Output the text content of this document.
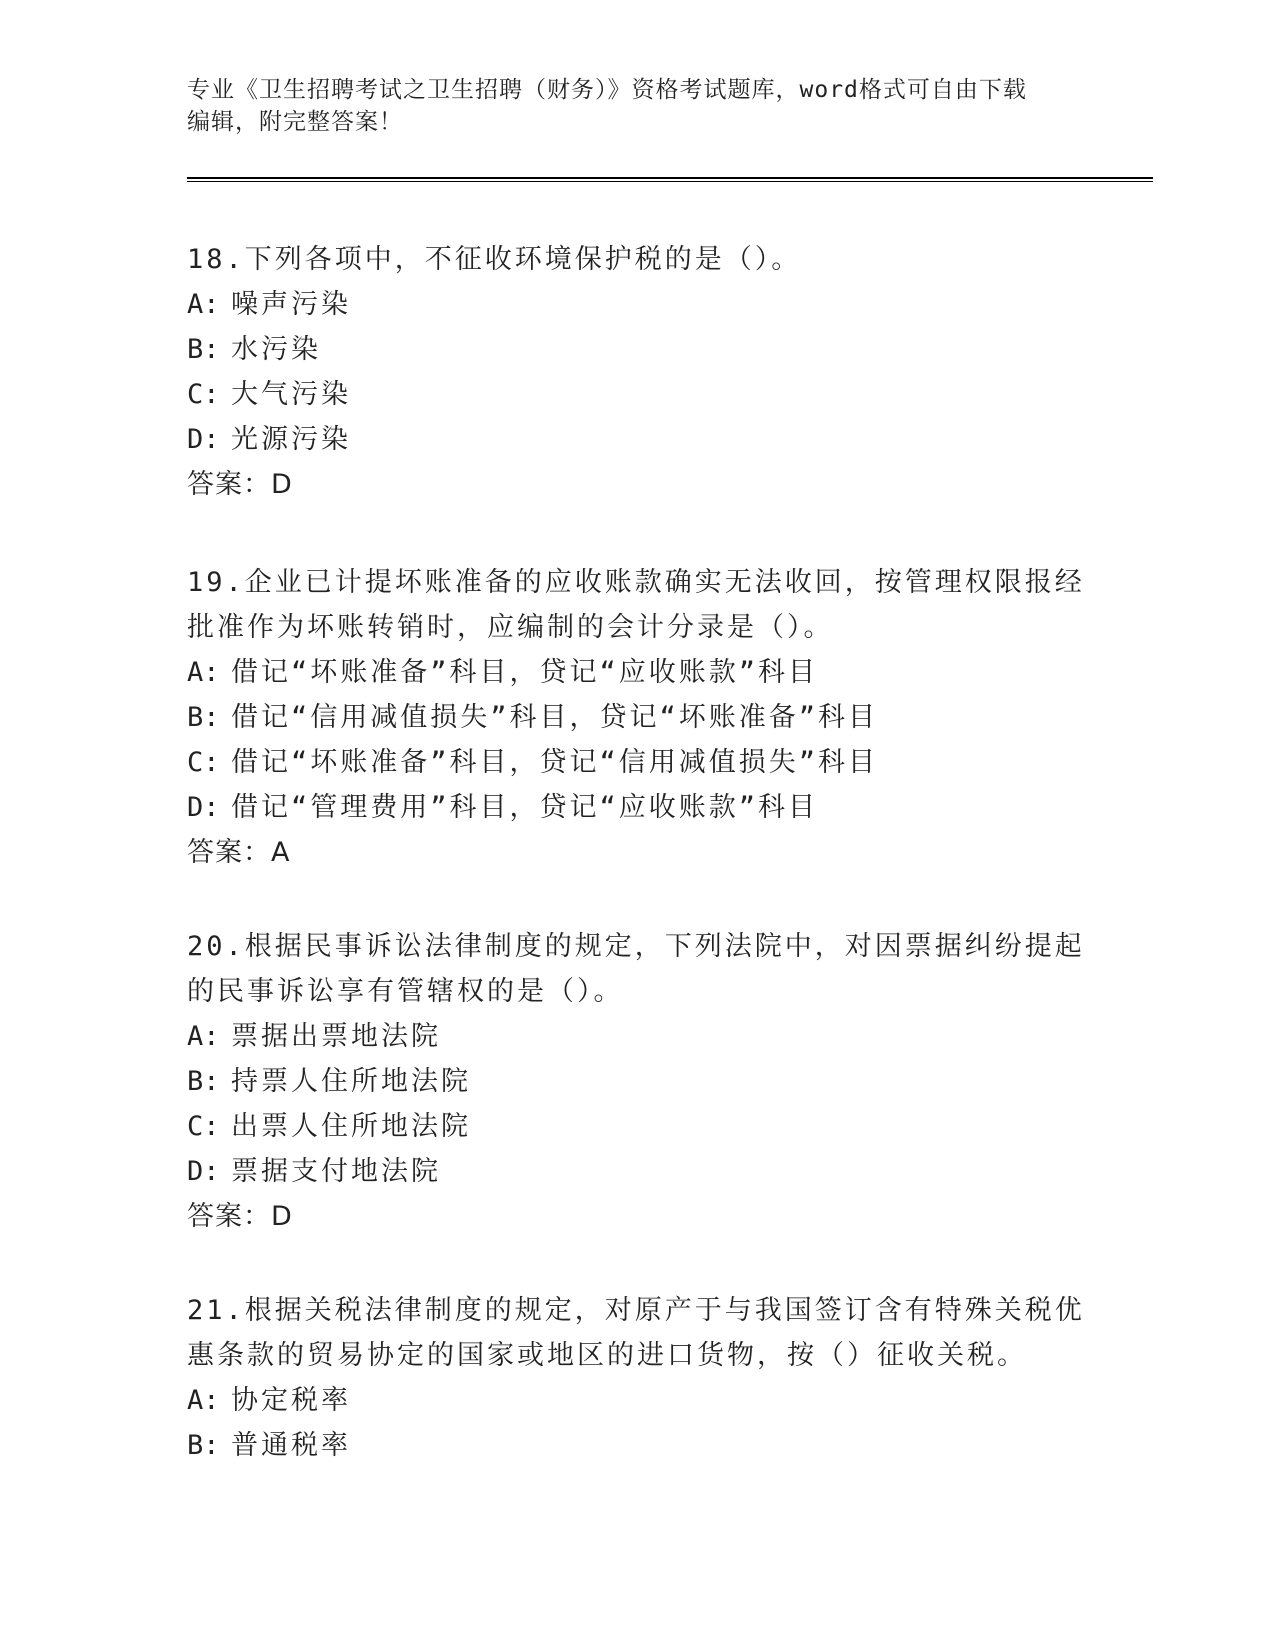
专业《卫生招聘考试之卫生招聘（财务）》资格考试题库，word格式可自由下载
编辑，附完整答案！

18.下列各项中，不征收环境保护税的是（）。

A: 噪声污染

B: 水污染

C: 大气污染

D: 光源污染

答案：D

19.企业已计提坏账准备的应收账款确实无法收回，按管理权限报经批准作为坏账转销时，应编制的会计分录是（）。

A: 借记“坏账准备”科目，贷记“应收账款”科目

B: 借记“信用减值损失”科目，贷记“坏账准备”科目

C: 借记“坏账准备”科目，贷记“信用减值损失”科目

D: 借记“管理费用”科目，贷记“应收账款”科目

答案：A

20.根据民事诉讼法律制度的规定，下列法院中，对因票据纠纷提起的民事诉讼享有管辖权的是（）。

A: 票据出票地法院

B: 持票人住所地法院

C: 出票人住所地法院

D: 票据支付地法院

答案：D

21.根据关税法律制度的规定，对原产于与我国签订含有特殊关税优惠条款的贸易协定的国家或地区的进口货物，按（）征收关税。

A: 协定税率

B: 普通税率
